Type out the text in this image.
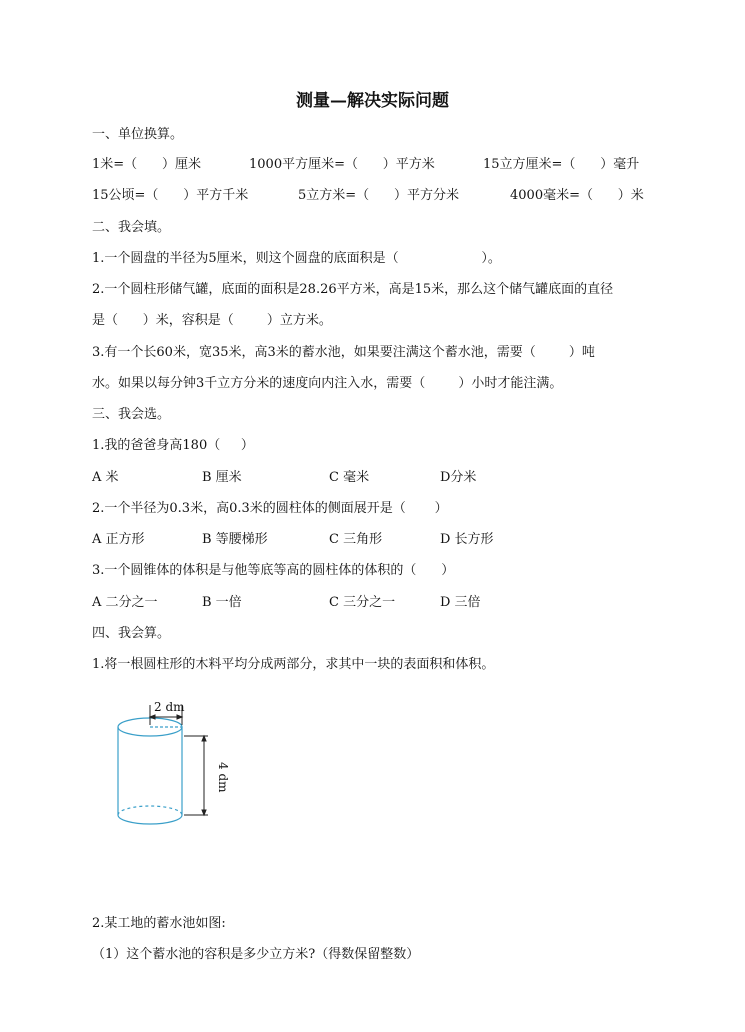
测量—解决实际问题
一、单位换算。
1米=（      ）厘米	1000平方厘米=（      ）平方米	15立方厘米=（      ）毫升
15公顷=（      ）平方千米	5立方米=（      ）平方分米	4000毫米=（      ）米
二、我会填。
1.一个圆盘的半径为5厘米，则这个圆盘的底面积是（                    ）。
2.一个圆柱形储气罐，底面的面积是28.26平方米，高是15米，那么这个储气罐底面的直径
是（      ）米，容积是（        ）立方米。
3.有一个长60米，宽35米，高3米的蓄水池，如果要注满这个蓄水池，需要（        ）吨
水。如果以每分钟3千立方分米的速度向内注入水，需要（        ）小时才能注满。
三、我会选。
1.我的爸爸身高180（     ）
A 米	B 厘米	C 毫米	D分米
2.一个半径为0.3米，高0.3米的圆柱体的侧面展开是（       ）
A 正方形	B 等腰梯形	C 三角形	D 长方形
3.一个圆锥体的体积是与他等底等高的圆柱体的体积的（      ）
A 二分之一	B 一倍	C 三分之一	D 三倍
四、我会算。
1.将一根圆柱形的木料平均分成两部分，求其中一块的表面积和体积。
2 dm
4 dm
2.某工地的蓄水池如图:
（1）这个蓄水池的容积是多少立方米?（得数保留整数）
